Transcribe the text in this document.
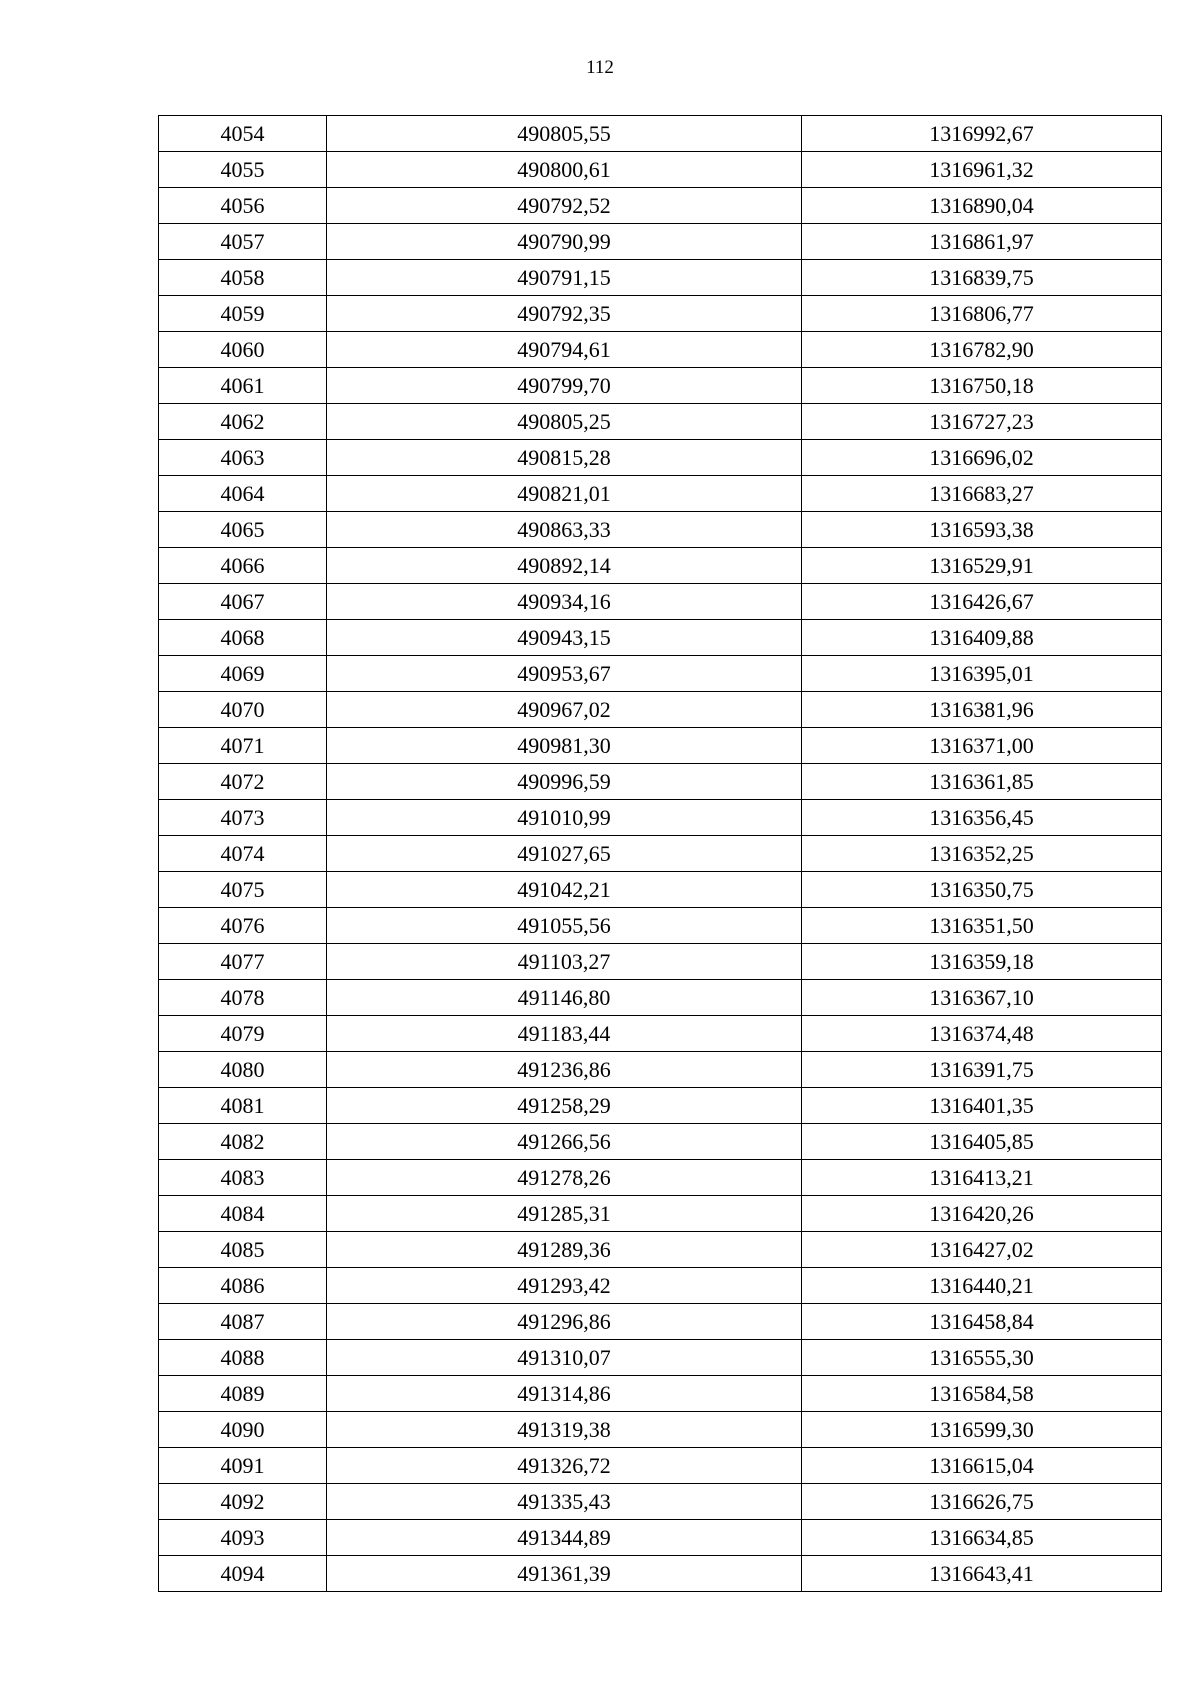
112
4054	490805,55	1316992,67
4055	490800,61	1316961,32
4056	490792,52	1316890,04
4057	490790,99	1316861,97
4058	490791,15	1316839,75
4059	490792,35	1316806,77
4060	490794,61	1316782,90
4061	490799,70	1316750,18
4062	490805,25	1316727,23
4063	490815,28	1316696,02
4064	490821,01	1316683,27
4065	490863,33	1316593,38
4066	490892,14	1316529,91
4067	490934,16	1316426,67
4068	490943,15	1316409,88
4069	490953,67	1316395,01
4070	490967,02	1316381,96
4071	490981,30	1316371,00
4072	490996,59	1316361,85
4073	491010,99	1316356,45
4074	491027,65	1316352,25
4075	491042,21	1316350,75
4076	491055,56	1316351,50
4077	491103,27	1316359,18
4078	491146,80	1316367,10
4079	491183,44	1316374,48
4080	491236,86	1316391,75
4081	491258,29	1316401,35
4082	491266,56	1316405,85
4083	491278,26	1316413,21
4084	491285,31	1316420,26
4085	491289,36	1316427,02
4086	491293,42	1316440,21
4087	491296,86	1316458,84
4088	491310,07	1316555,30
4089	491314,86	1316584,58
4090	491319,38	1316599,30
4091	491326,72	1316615,04
4092	491335,43	1316626,75
4093	491344,89	1316634,85
4094	491361,39	1316643,41
